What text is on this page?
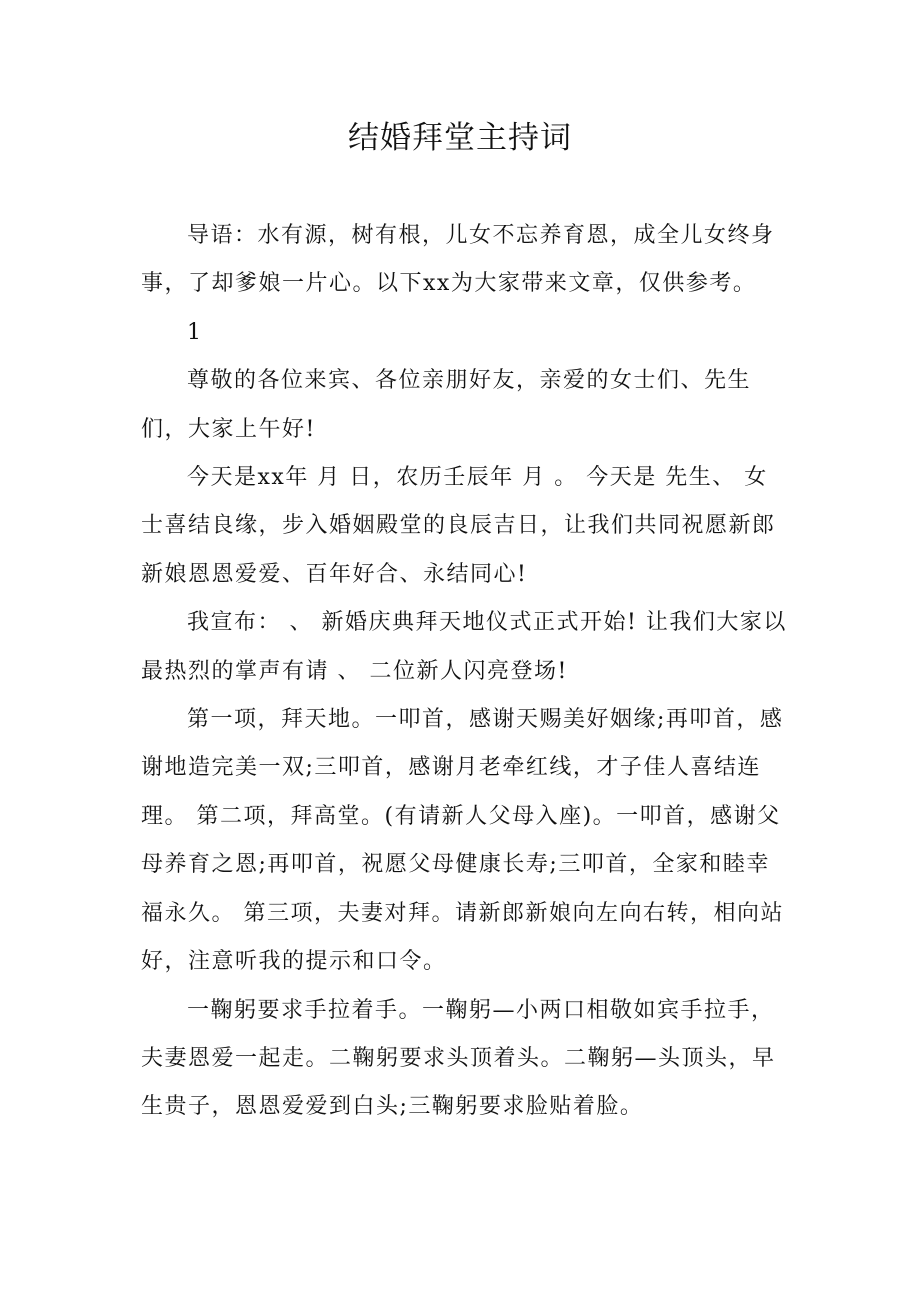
结婚拜堂主持词

导语：水有源，树有根，儿女不忘养育恩，成全儿女终身事，了却爹娘一片心。以下xx为大家带来文章，仅供参考。

1

尊敬的各位来宾、各位亲朋好友，亲爱的女士们、先生们，大家上午好!

今天是xx年 月 日，农历壬辰年 月 。 今天是 先生、 女士喜结良缘，步入婚姻殿堂的良辰吉日，让我们共同祝愿新郎新娘恩恩爱爱、百年好合、永结同心!

我宣布： 、 新婚庆典拜天地仪式正式开始! 让我们大家以最热烈的掌声有请 、 二位新人闪亮登场!

第一项，拜天地。一叩首，感谢天赐美好姻缘;再叩首，感谢地造完美一双;三叩首，感谢月老牵红线，才子佳人喜结连理。 第二项，拜高堂。(有请新人父母入座)。一叩首，感谢父母养育之恩;再叩首，祝愿父母健康长寿;三叩首，全家和睦幸福永久。 第三项，夫妻对拜。请新郎新娘向左向右转，相向站好，注意听我的提示和口令。

一鞠躬要求手拉着手。一鞠躬—小两口相敬如宾手拉手，夫妻恩爱一起走。二鞠躬要求头顶着头。二鞠躬—头顶头，早生贵子，恩恩爱爱到白头;三鞠躬要求脸贴着脸。
